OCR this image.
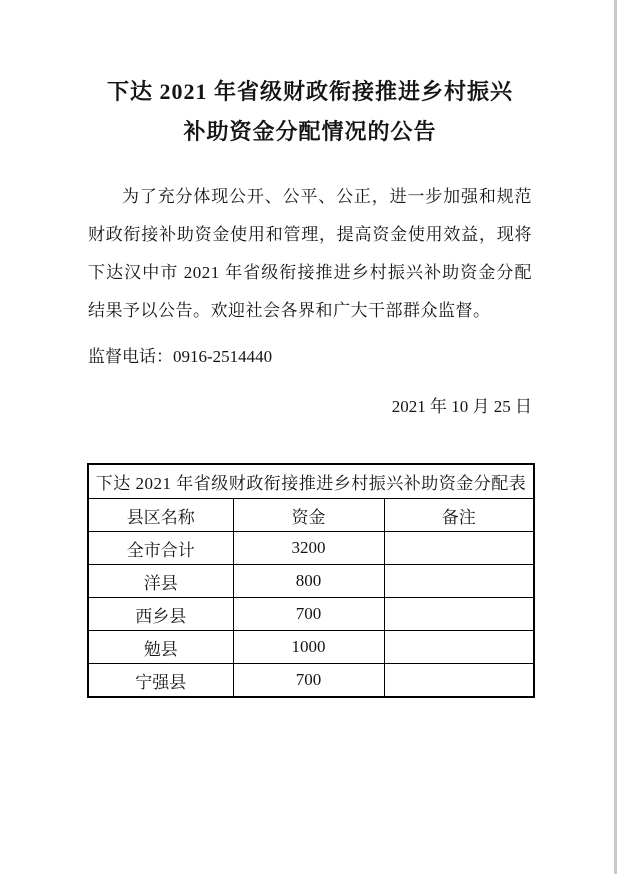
下达 2021 年省级财政衔接推进乡村振兴
补助资金分配情况的公告

为了充分体现公开、公平、公正，进一步加强和规范财政衔接补助资金使用和管理，提高资金使用效益，现将下达汉中市 2021 年省级衔接推进乡村振兴补助资金分配结果予以公告。欢迎社会各界和广大干部群众监督。

监督电话：0916-2514440

2021 年 10 月 25 日

下达 2021 年省级财政衔接推进乡村振兴补助资金分配表		
县区名称	资金	备注
全市合计	3200	
洋县	800	
西乡县	700	
勉县	1000	
宁强县	700	
